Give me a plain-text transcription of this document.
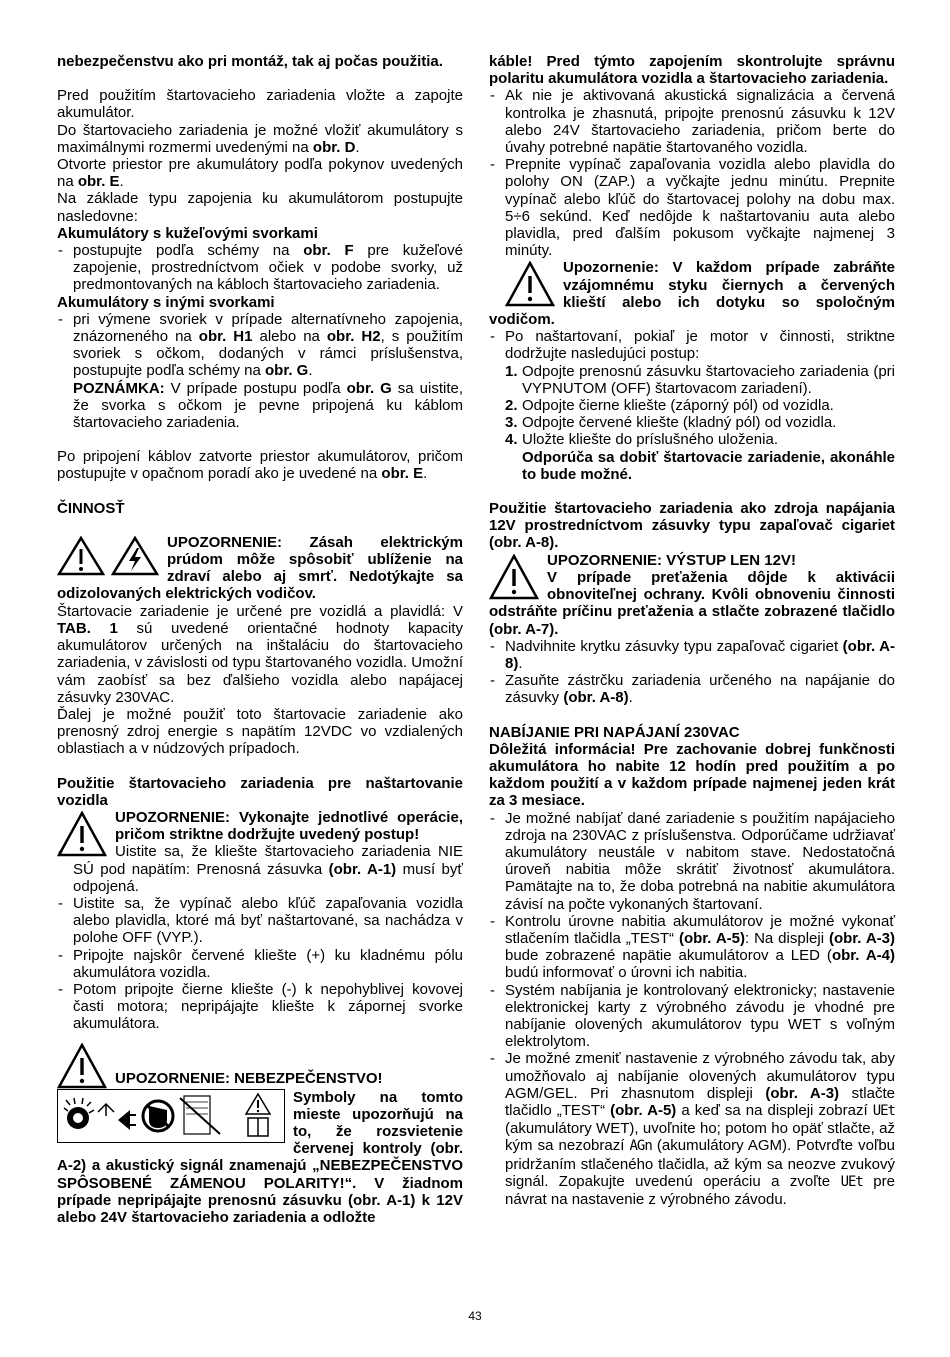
nebezpečenstvu ako pri montáž, tak aj počas použitia.

Pred použitím štartovacieho zariadenia vložte a zapojte akumulátor.

Do štartovacieho zariadenia je možné vložiť akumulátory s maximálnymi rozmermi uvedenými na obr. D.

Otvorte priestor pre akumulátory podľa pokynov uvedených na obr. E.

Na základe typu zapojenia ku akumulátorom postupujte nasledovne:

Akumulátory s kužeľovými svorkami

- postupujte podľa schémy na obr. F pre kužeľové zapojenie, prostredníctvom očiek v podobe svorky, už predmontovaných na kábloch štartovacieho zariadenia.

Akumulátory s inými svorkami

- pri výmene svoriek v prípade alternatívneho zapojenia, znázorneného na obr. H1 alebo na obr. H2, s použitím svoriek s očkom, dodaných v rámci príslušenstva, postupujte podľa schémy na obr. G.

POZNÁMKA: V prípade postupu podľa obr. G sa uistite, že svorka s očkom je pevne pripojená ku káblom štartovacieho zariadenia.

Po pripojení káblov zatvorte priestor akumulátorov, pričom postupujte v opačnom poradí ako je uvedené na obr. E.

ČINNOSŤ

UPOZORNENIE: Zásah elektrickým prúdom môže spôsobiť ublíženie na zdraví alebo aj smrť. Nedotýkajte sa odizolovaných elektrických vodičov.

Štartovacie zariadenie je určené pre vozidlá a plavidlá: V TAB. 1 sú uvedené orientačné hodnoty kapacity akumulátorov určených na inštaláciu do štartovacieho zariadenia, v závislosti od typu štartovaného vozidla. Umožní vám zaobísť sa bez ďalšieho vozidla alebo napájacej zásuvky 230VAC.

Ďalej je možné použiť toto štartovacie zariadenie ako prenosný zdroj energie s napätím 12VDC vo vzdialených oblastiach a v núdzových prípadoch.

Použitie štartovacieho zariadenia pre naštartovanie vozidla

UPOZORNENIE: Vykonajte jednotlivé operácie, pričom striktne dodržujte uvedený postup!

- Uistite sa, že kliešte štartovacieho zariadenia NIE SÚ pod napätím: Prenosná zásuvka (obr. A-1) musí byť odpojená.

- Uistite sa, že vypínač alebo kľúč zapaľovania vozidla alebo plavidla, ktoré má byť naštartované, sa nachádza v polohe OFF (VYP.).

- Pripojte najskôr červené kliešte (+) ku kladnému pólu akumulátora vozidla.

- Potom pripojte čierne kliešte (-) k nepohyblivej kovovej časti motora; nepripájajte kliešte k zápornej svorke akumulátora.

UPOZORNENIE: NEBEZPEČENSTVO!

Symboly na tomto mieste upozorňujú na to, že rozsvietenie červenej kontroly (obr. A-2) a akustický signál znamenajú „NEBEZPEČENSTVO SPÔSOBENÉ ZÁMENOU POLARITY!“. V žiadnom prípade nepripájajte prenosnú zásuvku (obr. A-1) k 12V alebo 24V štartovacieho zariadenia a odložte

káble! Pred týmto zapojením skontrolujte správnu polaritu akumulátora vozidla a štartovacieho zariadenia.

- Ak nie je aktivovaná akustická signalizácia a červená kontrolka je zhasnutá, pripojte prenosnú zásuvku k 12V alebo 24V štartovacieho zariadenia, pričom berte do úvahy potrebné napätie štartovaného vozidla.

- Prepnite vypínač zapaľovania vozidla alebo plavidla do polohy ON (ZAP.) a vyčkajte jednu minútu. Prepnite vypínač alebo kľúč do štartovacej polohy na dobu max. 5÷6 sekúnd. Keď nedôjde k naštartovaniu auta alebo plavidla, pred ďalším pokusom vyčkajte najmenej 3 minúty.

Upozornenie: V každom prípade zabráňte vzájomnému styku čiernych a červených klieští alebo ich dotyku so spoločným vodičom.

- Po naštartovaní, pokiaľ je motor v činnosti, striktne dodržujte nasledujúci postup:

1. Odpojte prenosnú zásuvku štartovacieho zariadenia (pri VYPNUTOM (OFF) štartovacom zariadení).

2. Odpojte čierne kliešte (záporný pól) od vozidla.

3. Odpojte červené kliešte (kladný pól) od vozidla.

4. Uložte kliešte do príslušného uloženia.

Odporúča sa dobiť štartovacie zariadenie, akonáhle to bude možné.

Použitie štartovacieho zariadenia ako zdroja napájania 12V prostredníctvom zásuvky typu zapaľovač cigariet (obr. A-8).

UPOZORNENIE: VÝSTUP LEN 12V!

V prípade preťaženia dôjde k aktivácii obnoviteľnej ochrany. Kvôli obnoveniu činnosti odstráňte príčinu preťaženia a stlačte zobrazené tlačidlo (obr. A-7).

- Nadvihnite krytku zásuvky typu zapaľovač cigariet (obr. A-8).

- Zasuňte zástrčku zariadenia určeného na napájanie do zásuvky (obr. A-8).

NABÍJANIE PRI NAPÁJANÍ 230VAC

Dôležitá informácia! Pre zachovanie dobrej funkčnosti akumulátora ho nabite 12 hodín pred použitím a po každom použití a v každom prípade najmenej jeden krát za 3 mesiace.

- Je možné nabíjať dané zariadenie s použitím napájacieho zdroja na 230VAC z príslušenstva. Odporúčame udržiavať akumulátory neustále v nabitom stave. Nedostatočná úroveň nabitia môže skrátiť životnosť akumulátora. Pamätajte na to, že doba potrebná na nabitie akumulátora závisí na počte vykonaných štartovaní.

- Kontrolu úrovne nabitia akumulátorov je možné vykonať stlačením tlačidla „TEST“ (obr. A-5): Na displeji (obr. A-3) bude zobrazené napätie akumulátorov a LED (obr. A-4) budú informovať o úrovni ich nabitia.

- Systém nabíjania je kontrolovaný elektronicky; nastavenie elektronickej karty z výrobného závodu je vhodné pre nabíjanie olovených akumulátorov typu WET s voľným elektrolytom.

- Je možné zmeniť nastavenie z výrobného závodu tak, aby umožňovalo aj nabíjanie olovených akumulátorov typu AGM/GEL. Pri zhasnutom displeji (obr. A-3) stlačte tlačidlo „TEST“ (obr. A-5) a keď sa na displeji zobrazí UEt (akumulátory WET), uvoľnite ho; potom ho opäť stlačte, až kým sa nezobrazí AGn (akumulátory AGM). Potvrďte voľbu pridržaním stlačeného tlačidla, až kým sa neozve zvukový signál. Zopakujte uvedenú operáciu a zvoľte UEt pre návrat na nastavenie z výrobného závodu.

43
